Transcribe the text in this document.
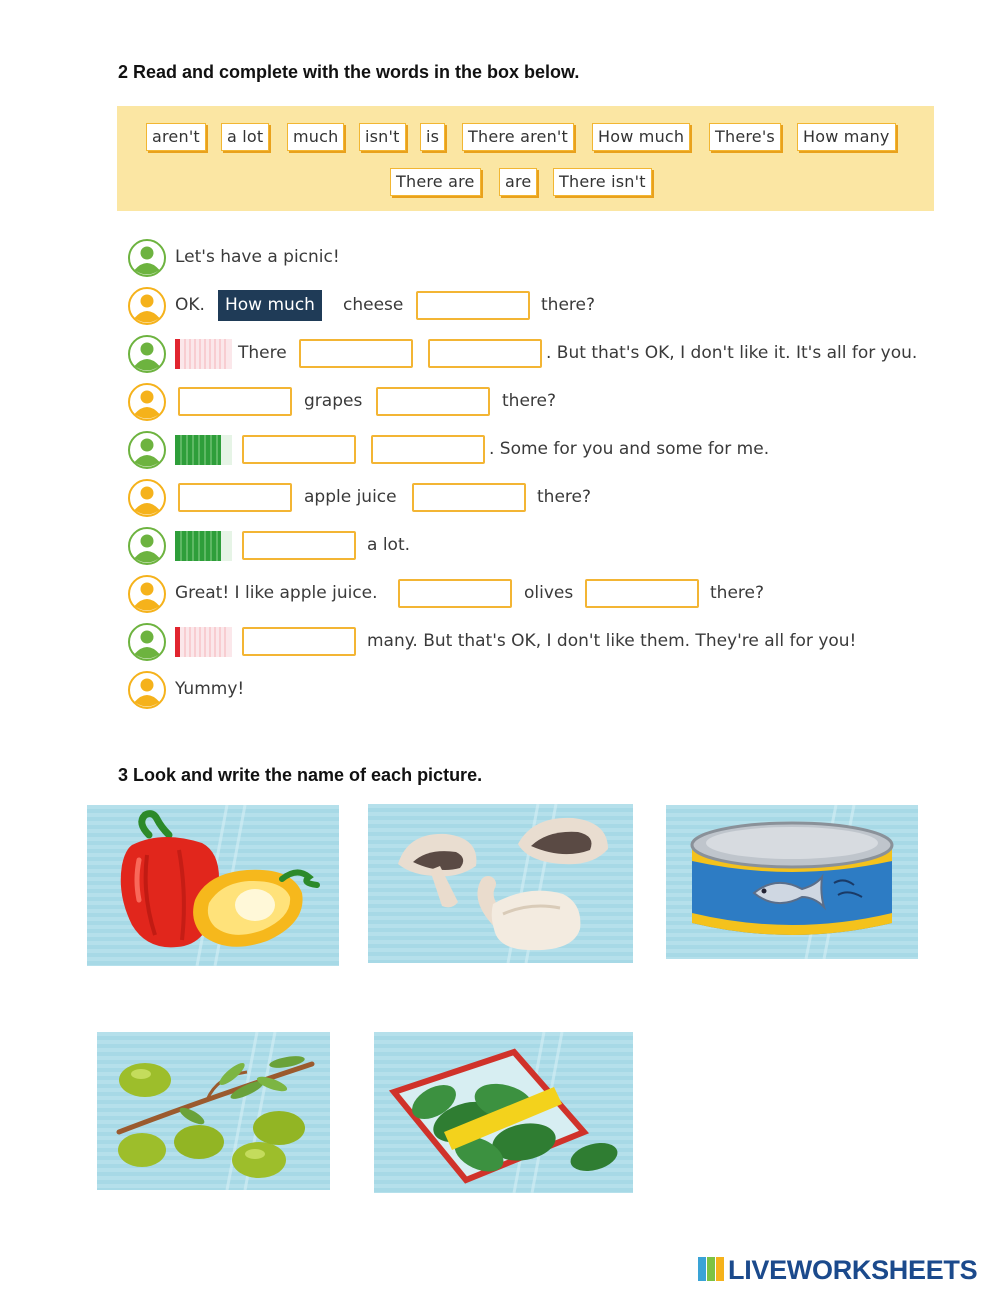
2 Read and complete with the words in the box below.
aren't	a lot	much	isn't	is	There aren't	How much	There's	How many
There are	are	There isn't
Let's have a picnic!
OK.	How much	cheese	there?
There	. But that's OK, I don't like it. It's all for you.
grapes	there?
. Some for you and some for me.
apple juice	there?
a lot.
Great! I like apple juice.	olives	there?
many. But that's OK, I don't like them. They're all for you!
Yummy!
3 Look and write the name of each picture.
LIVEWORKSHEETS
